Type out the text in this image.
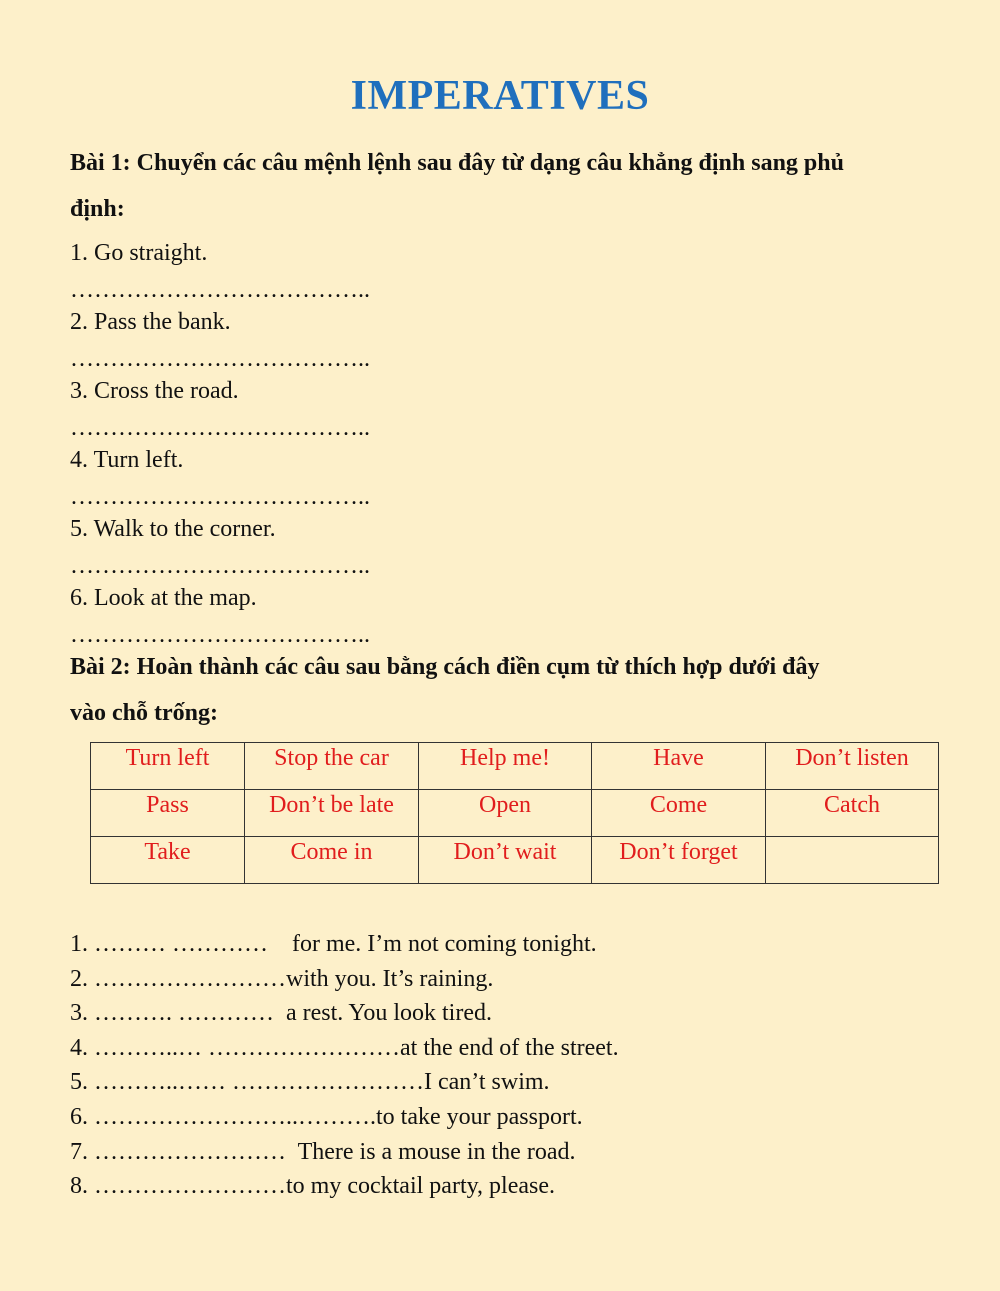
IMPERATIVES
Bài 1: Chuyển các câu mệnh lệnh sau đây từ dạng câu khẳng định sang phủ
định:
1. Go straight.
………………………………..
2. Pass the bank.
………………………………..
3. Cross the road.
………………………………..
4. Turn left.
………………………………..
5. Walk to the corner.
………………………………..
6. Look at the map.
………………………………..
Bài 2: Hoàn thành các câu sau bằng cách điền cụm từ thích hợp dưới đây
vào chỗ trống:
Turn left	Stop the car	Help me!	Have	Don’t listen
Pass	Don’t be late	Open	Come	Catch
Take	Come in	Don’t wait	Don’t forget	
1. ……… …………    for me. I’m not coming tonight.
2. ……………………with you. It’s raining.
3. ………. …………  a rest. You look tired.
4. ………..… ……………………at the end of the street.
5. ………..…… ……………………I can’t swim.
6. ……………………..……….to take your passport.
7. ……………………  There is a mouse in the road.
8. ……………………to my cocktail party, please.
